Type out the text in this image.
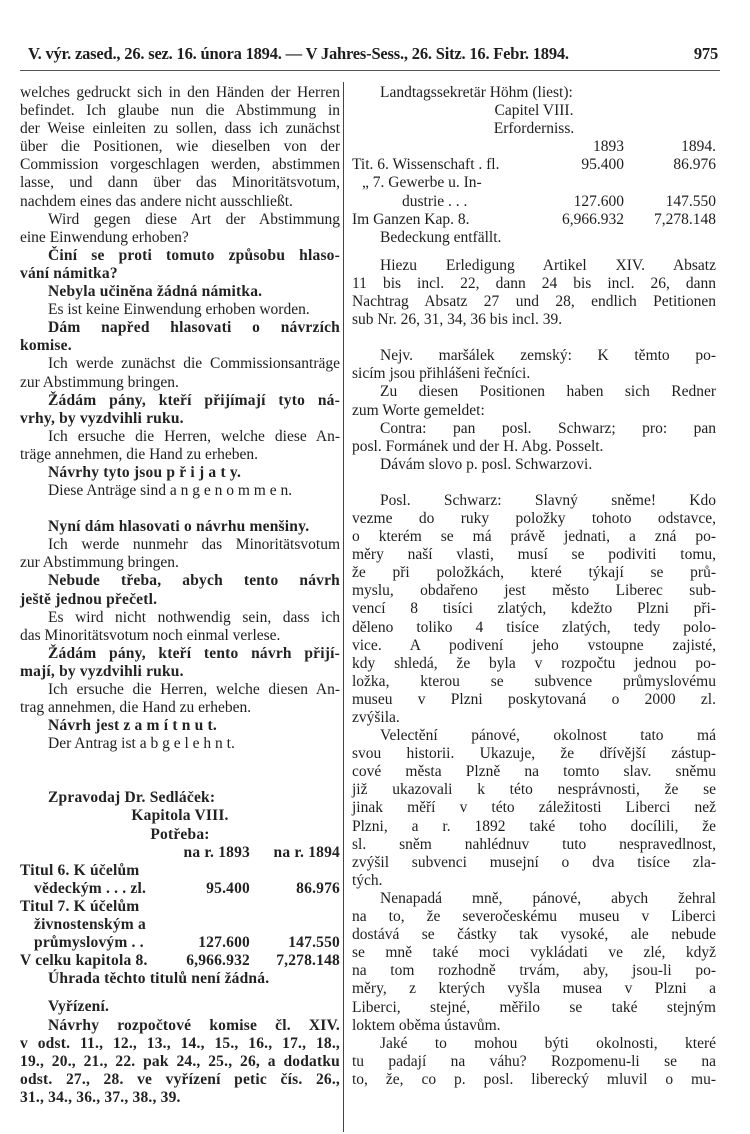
V. výr. zased., 26. sez. 16. února 1894. — V Jahres-Sess., 26. Sitz. 16. Febr. 1894.	975
welches gedruckt sich in den Händen der Herren
befindet. Ich glaube nun die Abstimmung in
der Weise einleiten zu sollen, dass ich zunächst
über die Positionen, wie dieselben von der
Commission vorgeschlagen werden, abstimmen
lasse, und dann über das Minoritätsvotum,
nachdem eines das andere nicht ausschließt.
Wird gegen diese Art der Abstimmung
eine Einwendung erhoben?
Činí se proti tomuto způsobu hlaso-
vání námitka?
Nebyla učiněna žádná námitka.
Es ist keine Einwendung erhoben worden.
Dám napřed hlasovati o návrzích
komise.
Ich werde zunächst die Commissionsanträge
zur Abstimmung bringen.
Žádám pány, kteří přijímají tyto ná-
vrhy, by vyzdvihli ruku.
Ich ersuche die Herren, welche diese An-
träge annehmen, die Hand zu erheben.
Návrhy tyto jsou p ř i j a t y.
Diese Anträge sind a n g e n o m m e n.
Nyní dám hlasovati o návrhu menšiny.
Ich werde nunmehr das Minoritätsvotum
zur Abstimmung bringen.
Nebude třeba, abych tento návrh
ještě jednou přečetl.
Es wird nicht nothwendig sein, dass ich
das Minoritätsvotum noch einmal verlese.
Žádám pány, kteří tento návrh přijí-
mají, by vyzdvihli ruku.
Ich ersuche die Herren, welche diesen An-
trag annehmen, die Hand zu erheben.
Návrh jest z a m í t n u t.
Der Antrag ist a b g e l e h n t.
Zpravodaj Dr. Sedláček:
Kapitola VIII.
Potřeba:
na r. 1893	na r. 1894
Titul 6. K účelům
vědeckým . . . zl.	95.400	86.976
Titul 7. K účelům
živnostenským a
průmyslovým . .	127.600	147.550
V celku kapitola 8.	6,966.932	7,278.148
Úhrada těchto titulů není žádná.
Vyřízení.
Návrhy rozpočtové komise čl. XIV.
v odst. 11., 12., 13., 14., 15., 16., 17., 18.,
19., 20., 21., 22. pak 24., 25., 26, a dodatku
odst. 27., 28. ve vyřízení petic čís. 26.,
31., 34., 36., 37., 38., 39.
Landtagssekretär Höhm (liest):
Capitel VIII.
Erforderniss.
1893	1894.
Tit. 6. Wissenschaft . fl.	95.400	86.976
„ 7. Gewerbe u. In-
dustrie . . .	127.600	147.550
Im Ganzen Kap. 8.	6,966.932	7,278.148
Bedeckung entfällt.
Hiezu Erledigung Artikel XIV. Absatz
11 bis incl. 22, dann 24 bis incl. 26, dann
Nachtrag Absatz 27 und 28, endlich Petitionen
sub Nr. 26, 31, 34, 36 bis incl. 39.
Nejv. maršálek zemský: K těmto po-
sicím jsou přihlášeni řečníci.
Zu diesen Positionen haben sich Redner
zum Worte gemeldet:
Contra: pan posl. Schwarz; pro: pan
posl. Formánek und der H. Abg. Posselt.
Dávám slovo p. posl. Schwarzovi.
Posl. Schwarz: Slavný sněme! Kdo
vezme do ruky položky tohoto odstavce,
o kterém se má právě jednati, a zná po-
měry naší vlasti, musí se podiviti tomu,
že při položkách, které týkají se prů-
myslu, obdařeno jest město Liberec sub-
vencí 8 tisíci zlatých, kdežto Plzni při-
děleno toliko 4 tisíce zlatých, tedy polo-
vice. A podivení jeho vstoupne zajisté,
kdy shledá, že byla v rozpočtu jednou po-
ložka, kterou se subvence průmyslovému
museu v Plzni poskytovaná o 2000 zl.
zvýšila.
Velectění pánové, okolnost tato má
svou historii. Ukazuje, že dřívější zástup-
cové města Plzně na tomto slav. sněmu
již ukazovali k této nesprávnosti, že se
jinak měří v této záležitosti Liberci než
Plzni, a r. 1892 také toho docílili, že
sl. sněm nahlédnuv tuto nespravedlnost,
zvýšil subvenci musejní o dva tisíce zla-
tých.
Nenapadá mně, pánové, abych žehral
na to, že severočeskému museu v Liberci
dostává se částky tak vysoké, ale nebude
se mně také moci vykládati ve zlé, když
na tom rozhodně trvám, aby, jsou-li po-
měry, z kterých vyšla musea v Plzni a
Liberci, stejné, měřilo se také stejným
loktem oběma ústavům.
Jaké to mohou býti okolnosti, které
tu padají na váhu? Rozpomenu-li se na
to, že, co p. posl. liberecký mluvil o mu-
